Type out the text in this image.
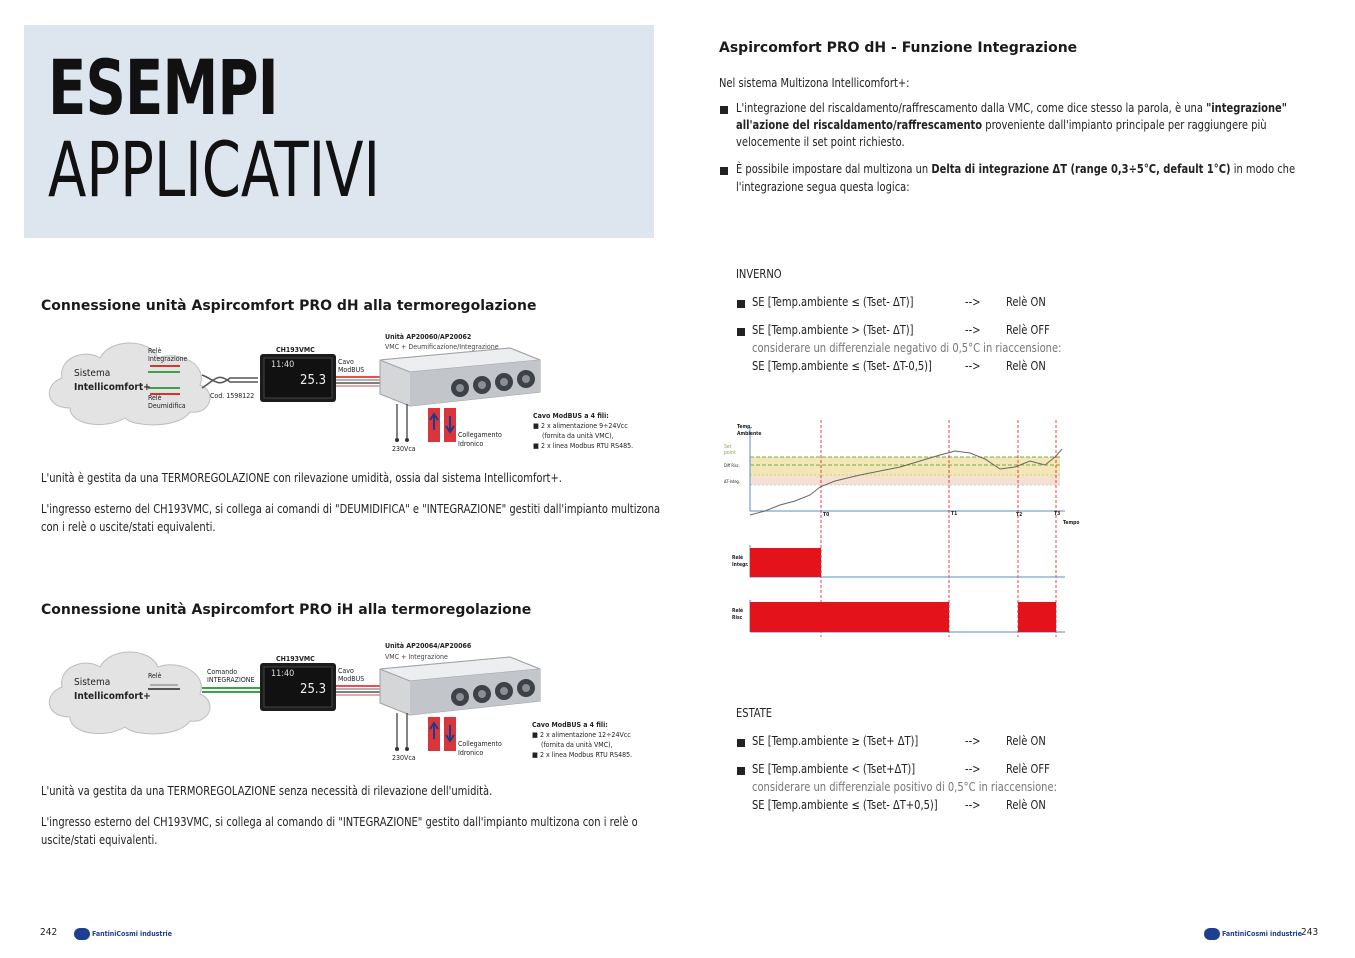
ESEMPI
APPLICATIVI
Connessione unità Aspircomfort PRO dH alla termoregolazione
Sistema
Intellicomfort+
Relè
Integrazione
Relè
Deumidifica
Cod. 1598122
CH193VMC
11:40
25.3
Cavo
ModBUS
Unità AP20060/AP20062
VMC + Deumificazione/Integrazione
230Vca
Collegamento
Idronico
Cavo ModBUS a 4 fili:
■ 2 x alimentazione 9÷24Vcc
(fornita da unità VMC),
■ 2 x linea Modbus RTU RS485.
L'unità è gestita da una TERMOREGOLAZIONE con rilevazione umidità, ossia dal sistema Intellicomfort+.
L'ingresso esterno del CH193VMC, si collega ai comandi di "DEUMIDIFICA" e "INTEGRAZIONE" gestiti dall'impianto multizona
con i relè o uscite/stati equivalenti.
Connessione unità Aspircomfort PRO iH alla termoregolazione
Sistema
Intellicomfort+
Relè	Comando
INTEGRAZIONE
CH193VMC
11:40
25.3
Cavo
ModBUS
Unità AP20064/AP20066
VMC + Integrazione
230Vca
Collegamento
Idronico
Cavo ModBUS a 4 fili:
■ 2 x alimentazione 12÷24Vcc
(fornita da unità VMC),
■ 2 x linea Modbus RTU RS485.
L'unità va gestita da una TERMOREGOLAZIONE senza necessità di rilevazione dell'umidità.
L'ingresso esterno del CH193VMC, si collega al comando di "INTEGRAZIONE" gestito dall'impianto multizona con i relè o
uscite/stati equivalenti.
242	FantiniCosmi industrie
Aspircomfort PRO dH - Funzione Integrazione
Nel sistema Multizona Intellicomfort+:
L'integrazione del riscaldamento/raffrescamento dalla VMC, come dice stesso la parola, è una "integrazione"
all'azione del riscaldamento/raffrescamento proveniente dall'impianto principale per raggiungere più
velocemente il set point richiesto.
È possibile impostare dal multizona un Delta di integrazione ΔT (range 0,3÷5°C, default 1°C) in modo che
l'integrazione segua questa logica:
INVERNO
SE [Temp.ambiente ≤ (Tset- ΔT)]	--> Relè ON
SE [Temp.ambiente > (Tset- ΔT)]	--> Relè OFF
considerare un differenziale negativo di 0,5°C in riaccensione:
SE [Temp.ambiente ≤ (Tset- ΔT-0,5)]	--> Relè ON
Temp.
Ambiente
Set
point
Diff Risc.
ΔT-Integ.
T0	T1	T2	T3
Tempo
Relè
Integr.
Relè
Risc
ESTATE
SE [Temp.ambiente ≥ (Tset+ ΔT)]	--> Relè ON
SE [Temp.ambiente < (Tset+ΔT)]	--> Relè OFF
considerare un differenziale positivo di 0,5°C in riaccensione:
SE [Temp.ambiente ≤ (Tset- ΔT+0,5)] --> Relè ON
FantiniCosmi industrie 243
